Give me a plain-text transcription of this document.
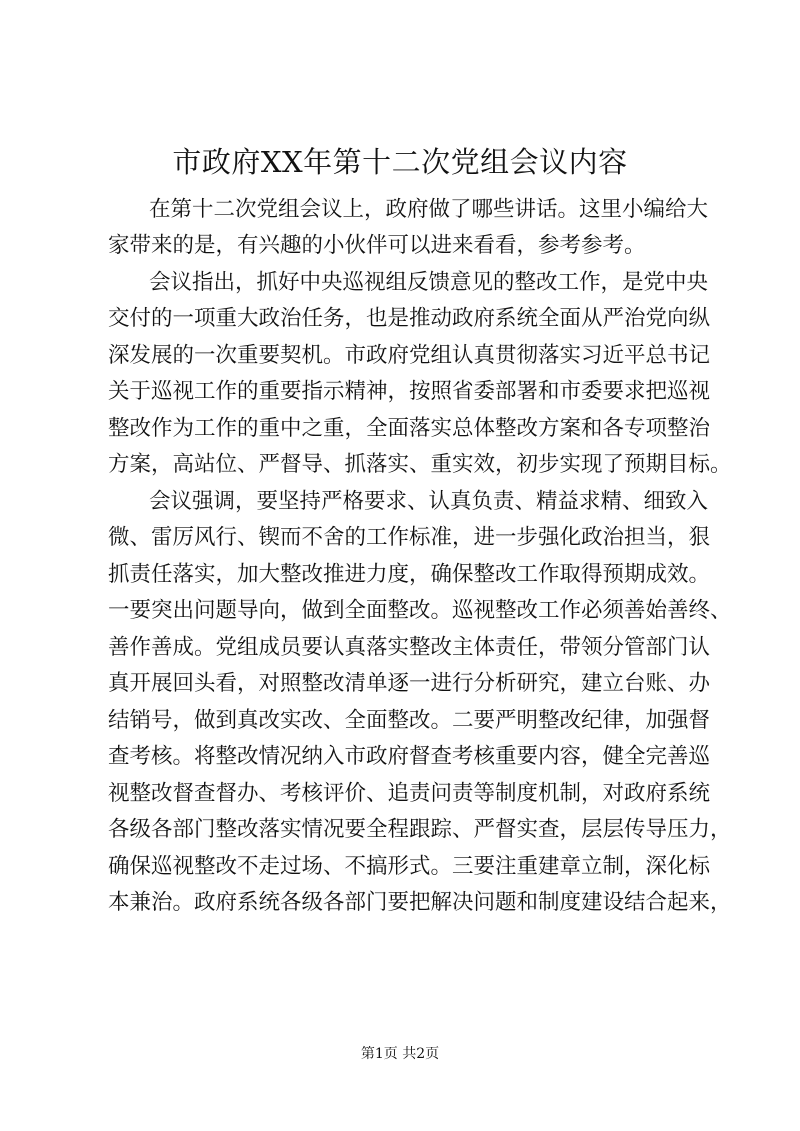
市政府XX年第十二次党组会议内容

在第十二次党组会议上，政府做了哪些讲话。这里小编给大

家带来的是，有兴趣的小伙伴可以进来看看，参考参考。

会议指出，抓好中央巡视组反馈意见的整改工作，是党中央

交付的一项重大政治任务，也是推动政府系统全面从严治党向纵

深发展的一次重要契机。市政府党组认真贯彻落实习近平总书记

关于巡视工作的重要指示精神，按照省委部署和市委要求把巡视

整改作为工作的重中之重，全面落实总体整改方案和各专项整治

方案，高站位、严督导、抓落实、重实效，初步实现了预期目标。

会议强调，要坚持严格要求、认真负责、精益求精、细致入

微、雷厉风行、锲而不舍的工作标准，进一步强化政治担当，狠

抓责任落实，加大整改推进力度，确保整改工作取得预期成效。

一要突出问题导向，做到全面整改。巡视整改工作必须善始善终、

善作善成。党组成员要认真落实整改主体责任，带领分管部门认

真开展回头看，对照整改清单逐一进行分析研究，建立台账、办

结销号，做到真改实改、全面整改。二要严明整改纪律，加强督

查考核。将整改情况纳入市政府督查考核重要内容，健全完善巡

视整改督查督办、考核评价、追责问责等制度机制，对政府系统

各级各部门整改落实情况要全程跟踪、严督实查，层层传导压力，

确保巡视整改不走过场、不搞形式。三要注重建章立制，深化标

本兼治。政府系统各级各部门要把解决问题和制度建设结合起来，

第1页 共2页
